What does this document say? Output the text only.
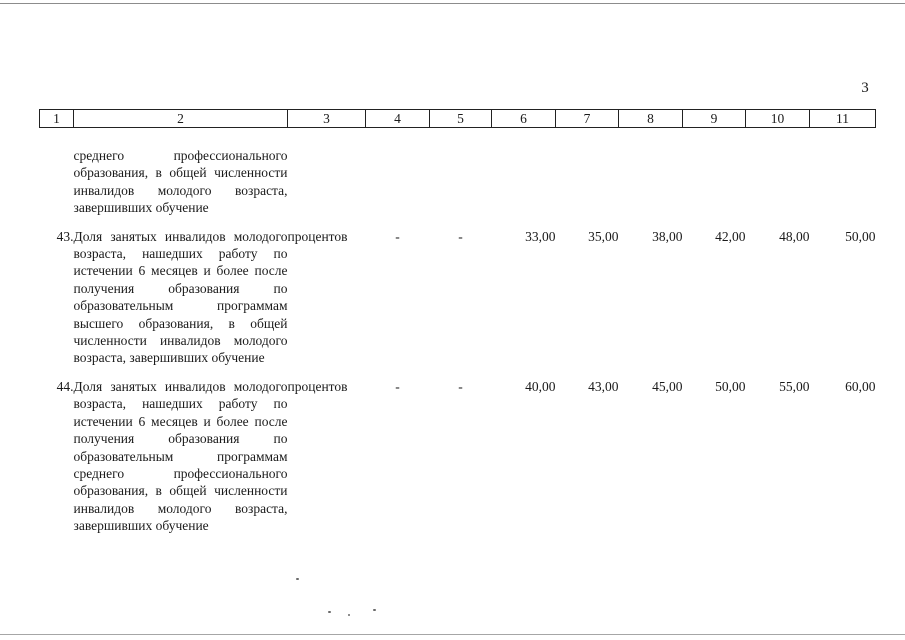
3
1	2	3	4	5	6	7	8	9	10	11

	среднего профессионального образования, в общей численности инвалидов молодого возраста, завершивших обучение									

43.	Доля занятых инвалидов молодого возраста, нашедших работу по истечении 6 месяцев и более после получения образования по образовательным программам высшего образования, в общей численности инвалидов молодого возраста, завершивших обучение	процентов	-	-	33,00	35,00	38,00	42,00	48,00	50,00

44.	Доля занятых инвалидов молодого возраста, нашедших работу по истечении 6 месяцев и более после получения образования по образовательным программам среднего профессионального образования, в общей численности инвалидов молодого возраста, завершивших обучение	процентов	-	-	40,00	43,00	45,00	50,00	55,00	60,00
